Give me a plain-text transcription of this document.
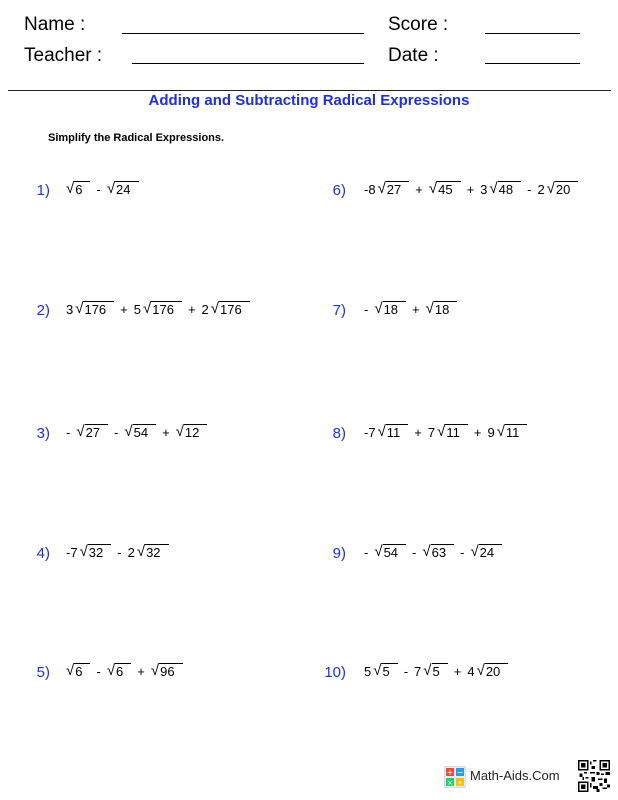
Name :	Score :
Teacher :	Date :
Adding and Subtracting Radical Expressions
Simplify the Radical Expressions.
1) √ 6	- √ 24
2) 3 √ 176	+ 5 √ 176	+ 2 √ 176
3) - √ 27	- √ 54	+ √ 12
4) -7 √ 32	- 2 √ 32
5) √ 6	- √ 6	+ √ 96
6) -8 √ 27	+ √ 45	+ 3 √ 48	- 2 √ 20
7) - √ 18	+ √ 18
8) -7 √ 11	+ 7 √ 11	+ 9 √ 11
9) - √ 54	- √ 63	- √ 24
10) 5 √ 5	- 7 √ 5	+ 4 √ 20
+ −
× ÷ Math-Aids.Com
